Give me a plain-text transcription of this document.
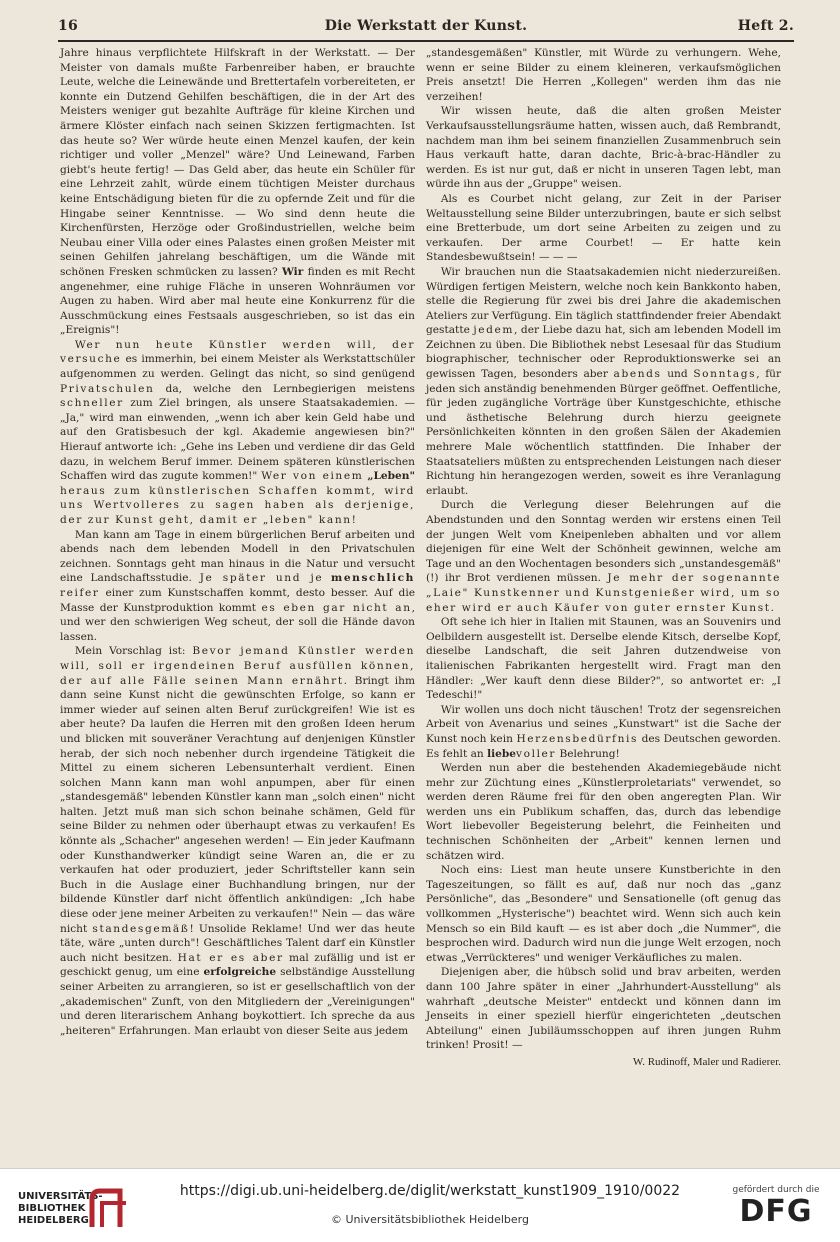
16	Die Werkstatt der Kunst.	Heft 2.

Jahre hinaus verpflichtete Hilfskraft in der Werkstatt. — Der Meister von damals mußte Farbenreiber haben, er brauchte Leute, welche die Leinewände und Brettertafeln vorbereiteten, er konnte ein Dutzend Gehilfen beschäftigen, die in der Art des Meisters weniger gut bezahlte Aufträge für kleine Kirchen und ärmere Klöster einfach nach seinen Skizzen fertigmachten. Ist das heute so? Wer würde heute einen Menzel kaufen, der kein richtiger und voller „Menzel" wäre? Und Leinewand, Farben giebt's heute fertig! — Das Geld aber, das heute ein Schüler für eine Lehrzeit zahlt, würde einem tüchtigen Meister durchaus keine Entschädigung bieten für die zu opfernde Zeit und für die Hingabe seiner Kenntnisse. — Wo sind denn heute die Kirchenfürsten, Herzöge oder Großindustriellen, welche beim Neubau einer Villa oder eines Palastes einen großen Meister mit seinen Gehilfen jahrelang beschäftigen, um die Wände mit schönen Fresken schmücken zu lassen? Wir finden es mit Recht angenehmer, eine ruhige Fläche in unseren Wohnräumen vor Augen zu haben. Wird aber mal heute eine Konkurrenz für die Ausschmückung eines Festsaals ausgeschrieben, so ist das ein „Ereignis"!

Wer nun heute Künstler werden will, der versuche es immerhin, bei einem Meister als Werkstattschüler aufgenommen zu werden. Gelingt das nicht, so sind genügend Privatschulen da, welche den Lernbegierigen meistens schneller zum Ziel bringen, als unsere Staatsakademien. — „Ja," wird man einwenden, „wenn ich aber kein Geld habe und auf den Gratisbesuch der kgl. Akademie angewiesen bin?" Hierauf antworte ich: „Gehe ins Leben und verdiene dir das Geld dazu, in welchem Beruf immer. Deinem späteren künstlerischen Schaffen wird das zugute kommen!" Wer von einem „Leben" heraus zum künstlerischen Schaffen kommt, wird uns Wertvolleres zu sagen haben als derjenige, der zur Kunst geht, damit er „leben" kann!

Man kann am Tage in einem bürgerlichen Beruf arbeiten und abends nach dem lebenden Modell in den Privatschulen zeichnen. Sonntags geht man hinaus in die Natur und versucht eine Landschaftsstudie. Je später und je menschlich reifer einer zum Kunstschaffen kommt, desto besser. Auf die Masse der Kunstproduktion kommt es eben gar nicht an, und wer den schwierigen Weg scheut, der soll die Hände davon lassen.

Mein Vorschlag ist: Bevor jemand Künstler werden will, soll er irgendeinen Beruf ausfüllen können, der auf alle Fälle seinen Mann ernährt. Bringt ihm dann seine Kunst nicht die gewünschten Erfolge, so kann er immer wieder auf seinen alten Beruf zurückgreifen! Wie ist es aber heute? Da laufen die Herren mit den großen Ideen herum und blicken mit souveräner Verachtung auf denjenigen Künstler herab, der sich noch nebenher durch irgendeine Tätigkeit die Mittel zu einem sicheren Lebensunterhalt verdient. Einen solchen Mann kann man wohl anpumpen, aber für einen „standesgemäß" lebenden Künstler kann man „solch einen" nicht halten. Jetzt muß man sich schon beinahe schämen, Geld für seine Bilder zu nehmen oder überhaupt etwas zu verkaufen! Es könnte als „Schacher" angesehen werden! — Ein jeder Kaufmann oder Kunsthandwerker kündigt seine Waren an, die er zu verkaufen hat oder produziert, jeder Schriftsteller kann sein Buch in die Auslage einer Buchhandlung bringen, nur der bildende Künstler darf nicht öffentlich ankündigen: „Ich habe diese oder jene meiner Arbeiten zu verkaufen!" Nein — das wäre nicht standesgemäß! Unsolide Reklame! Und wer das heute täte, wäre „unten durch"! Geschäftliches Talent darf ein Künstler auch nicht besitzen. Hat er es aber mal zufällig und ist er geschickt genug, um eine erfolgreiche selbständige Ausstellung seiner Arbeiten zu arrangieren, so ist er gesellschaftlich von der „akademischen" Zunft, von den Mitgliedern der „Vereinigungen" und deren literarischem Anhang boykottiert. Ich spreche da aus „heiteren" Erfahrungen. Man erlaubt von dieser Seite aus jedem

„standesgemäßen" Künstler, mit Würde zu verhungern. Wehe, wenn er seine Bilder zu einem kleineren, verkaufsmöglichen Preis ansetzt! Die Herren „Kollegen" werden ihm das nie verzeihen!

Wir wissen heute, daß die alten großen Meister Verkaufsausstellungsräume hatten, wissen auch, daß Rembrandt, nachdem man ihm bei seinem finanziellen Zusammenbruch sein Haus verkauft hatte, daran dachte, Bric-à-brac-Händler zu werden. Es ist nur gut, daß er nicht in unseren Tagen lebt, man würde ihn aus der „Gruppe" weisen.

Als es Courbet nicht gelang, zur Zeit in der Pariser Weltausstellung seine Bilder unterzubringen, baute er sich selbst eine Bretterbude, um dort seine Arbeiten zu zeigen und zu verkaufen. Der arme Courbet! — Er hatte kein Standesbewußtsein! — — —

Wir brauchen nun die Staatsakademien nicht niederzureißen. Würdigen fertigen Meistern, welche noch kein Bankkonto haben, stelle die Regierung für zwei bis drei Jahre die akademischen Ateliers zur Verfügung. Ein täglich stattfindender freier Abendakt gestatte jedem, der Liebe dazu hat, sich am lebenden Modell im Zeichnen zu üben. Die Bibliothek nebst Lesesaal für das Studium biographischer, technischer oder Reproduktionswerke sei an gewissen Tagen, besonders aber abends und Sonntags, für jeden sich anständig benehmenden Bürger geöffnet. Oeffentliche, für jeden zugängliche Vorträge über Kunstgeschichte, ethische und ästhetische Belehrung durch hierzu geeignete Persönlichkeiten könnten in den großen Sälen der Akademien mehrere Male wöchentlich stattfinden. Die Inhaber der Staatsateliers müßten zu entsprechenden Leistungen nach dieser Richtung hin herangezogen werden, soweit es ihre Veranlagung erlaubt.

Durch die Verlegung dieser Belehrungen auf die Abendstunden und den Sonntag werden wir erstens einen Teil der jungen Welt vom Kneipenleben abhalten und vor allem diejenigen für eine Welt der Schönheit gewinnen, welche am Tage und an den Wochentagen besonders sich „unstandesgemäß" (!) ihr Brot verdienen müssen. Je mehr der sogenannte „Laie" Kunstkenner und Kunstgenießer wird, um so eher wird er auch Käufer von guter ernster Kunst.

Oft sehe ich hier in Italien mit Staunen, was an Souvenirs und Oelbildern ausgestellt ist. Derselbe elende Kitsch, derselbe Kopf, dieselbe Landschaft, die seit Jahren dutzendweise von italienischen Fabrikanten hergestellt wird. Fragt man den Händler: „Wer kauft denn diese Bilder?", so antwortet er: „I Tedeschi!"

Wir wollen uns doch nicht täuschen! Trotz der segensreichen Arbeit von Avenarius und seines „Kunstwart" ist die Sache der Kunst noch kein Herzensbedürfnis des Deutschen geworden. Es fehlt an liebevoller Belehrung!

Werden nun aber die bestehenden Akademiegebäude nicht mehr zur Züchtung eines „Künstlerproletariats" verwendet, so werden deren Räume frei für den oben angeregten Plan. Wir werden uns ein Publikum schaffen, das, durch das lebendige Wort liebevoller Begeisterung belehrt, die Feinheiten und technischen Schönheiten der „Arbeit" kennen lernen und schätzen wird.

Noch eins: Liest man heute unsere Kunstberichte in den Tageszeitungen, so fällt es auf, daß nur noch das „ganz Persönliche", das „Besondere" und Sensationelle (oft genug das vollkommen „Hysterische") beachtet wird. Wenn sich auch kein Mensch so ein Bild kauft — es ist aber doch „die Nummer", die besprochen wird. Dadurch wird nun die junge Welt erzogen, noch etwas „Verrückteres" und weniger Verkäufliches zu malen.

Diejenigen aber, die hübsch solid und brav arbeiten, werden dann 100 Jahre später in einer „Jahrhundert-Ausstellung" als wahrhaft „deutsche Meister" entdeckt und können dann im Jenseits in einer speziell hierfür eingerichteten „deutschen Abteilung" einen Jubiläumsschoppen auf ihren jungen Ruhm trinken! Prosit! —

W. Rudinoff, Maler und Radierer.
UNIVERSITÄTS-
BIBLIOTHEK
HEIDELBERG
https://digi.ub.uni-heidelberg.de/diglit/werkstatt_kunst1909_1910/0022
© Universitätsbibliothek Heidelberg
gefördert durch die
DFG
